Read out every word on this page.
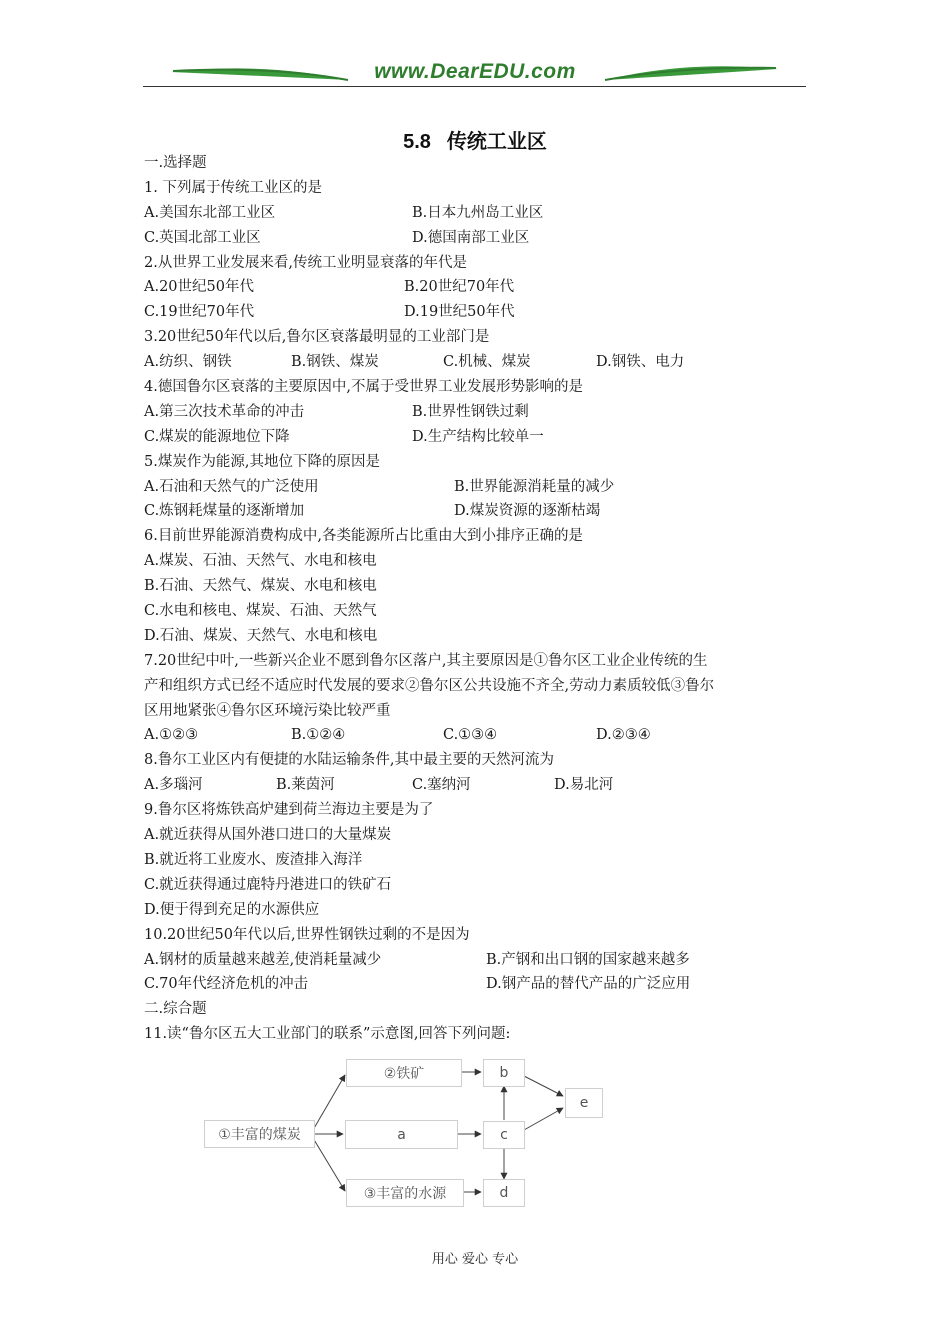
www.DearEDU.com
5.8 传统工业区
一.选择题
1. 下列属于传统工业区的是
A.美国东北部工业区	B.日本九州岛工业区
C.英国北部工业区	D.德国南部工业区
2.从世界工业发展来看,传统工业明显衰落的年代是
A.20世纪50年代	B.20世纪70年代
C.19世纪70年代	D.19世纪50年代
3.20世纪50年代以后,鲁尔区衰落最明显的工业部门是
A.纺织、钢铁	B.钢铁、煤炭	C.机械、煤炭	D.钢铁、电力
4.德国鲁尔区衰落的主要原因中,不属于受世界工业发展形势影响的是
A.第三次技术革命的冲击	B.世界性钢铁过剩
C.煤炭的能源地位下降	D.生产结构比较单一
5.煤炭作为能源,其地位下降的原因是
A.石油和天然气的广泛使用	B.世界能源消耗量的减少
C.炼钢耗煤量的逐渐增加	D.煤炭资源的逐渐枯竭
6.目前世界能源消费构成中,各类能源所占比重由大到小排序正确的是
A.煤炭、石油、天然气、水电和核电
B.石油、天然气、煤炭、水电和核电
C.水电和核电、煤炭、石油、天然气
D.石油、煤炭、天然气、水电和核电
7.20世纪中叶,一些新兴企业不愿到鲁尔区落户,其主要原因是①鲁尔区工业企业传统的生
产和组织方式已经不适应时代发展的要求②鲁尔区公共设施不齐全,劳动力素质较低③鲁尔
区用地紧张④鲁尔区环境污染比较严重
A.①②③	B.①②④	C.①③④	D.②③④
8.鲁尔工业区内有便捷的水陆运输条件,其中最主要的天然河流为
A.多瑙河	B.莱茵河	C.塞纳河	D.易北河
9.鲁尔区将炼铁高炉建到荷兰海边主要是为了
A.就近获得从国外港口进口的大量煤炭
B.就近将工业废水、废渣排入海洋
C.就近获得通过鹿特丹港进口的铁矿石
D.便于得到充足的水源供应
10.20世纪50年代以后,世界性钢铁过剩的不是因为
A.钢材的质量越来越差,使消耗量减少	B.产钢和出口钢的国家越来越多
C.70年代经济危机的冲击	D.钢产品的替代产品的广泛应用
二.综合题
11.读“鲁尔区五大工业部门的联系”示意图,回答下列问题:
①丰富的煤炭
②铁矿
a
③丰富的水源
b
c
d
e
用心 爱心 专心
